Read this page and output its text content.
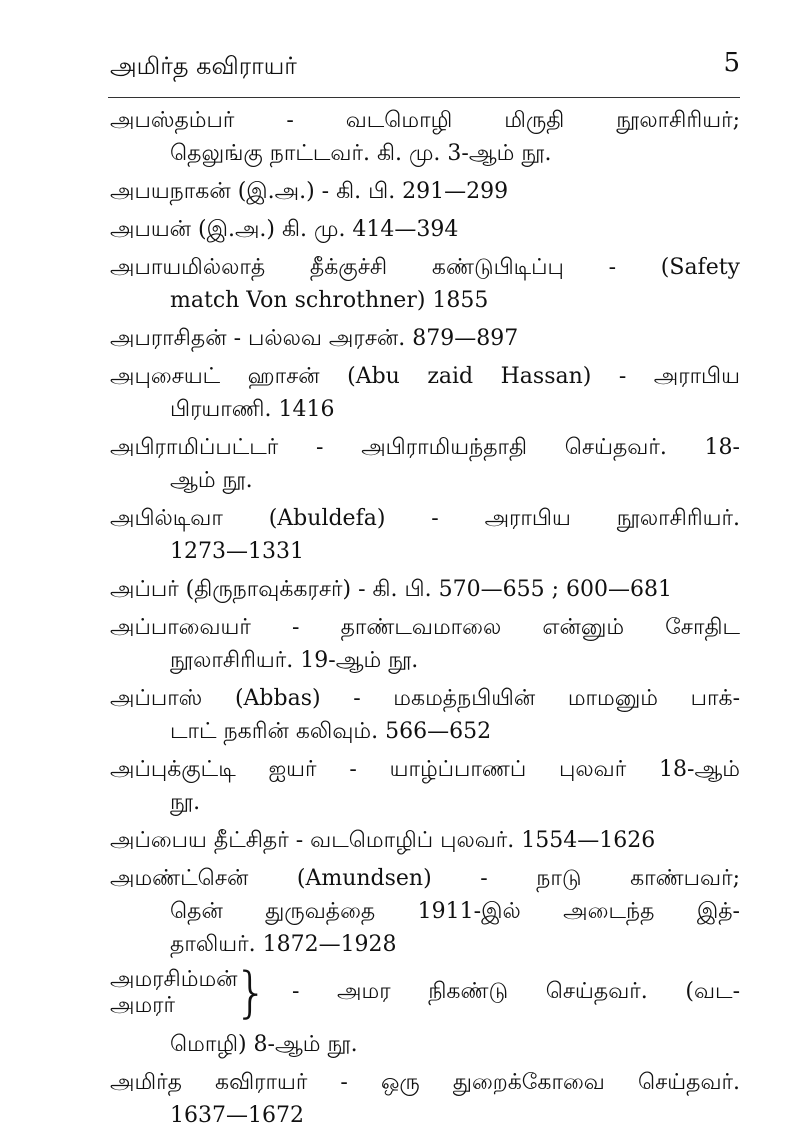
அமிர்த கவிராயர்	5
அபஸ்தம்பர் - வடமொழி மிருதி நூலாசிரியர்;
தெலுங்கு நாட்டவர். கி. மு. 3-ஆம் நூ.
அபயநாகன் (இ.அ.) - கி. பி. 291—299
அபயன் (இ.அ.) கி. மு. 414—394
அபாயமில்லாத் தீக்குச்சி கண்டுபிடிப்பு - (Safety
match Von schrothner) 1855
அபராசிதன் - பல்லவ அரசன். 879—897
அபுசையட் ஹாசன் (Abu zaid Hassan) - அராபிய
பிரயாணி. 1416
அபிராமிப்பட்டர் - அபிராமியந்தாதி செய்தவர். 18-
ஆம் நூ.
அபில்டிவா (Abuldefa) - அராபிய நூலாசிரியர்.
1273—1331
அப்பர் (திருநாவுக்கரசர்) - கி. பி. 570—655 ; 600—681
அப்பாவையர் - தாண்டவமாலை என்னும் சோதிட
நூலாசிரியர். 19-ஆம் நூ.
அப்பாஸ் (Abbas) - மகமத்நபியின் மாமனும் பாக்-
டாட் நகரின் கலிவும். 566—652
அப்புக்குட்டி ஐயர் - யாழ்ப்பாணப் புலவர் 18-ஆம்
நூ.
அப்பைய தீட்சிதர் - வடமொழிப் புலவர். 1554—1626
அமண்ட்சென் (Amundsen) - நாடு காண்பவர்;
தென் துருவத்தை 1911-இல் அடைந்த இத்-
தாலியர். 1872—1928
அமரசிம்மன்
அமரர் } - அமர நிகண்டு செய்தவர். (வட-
மொழி) 8-ஆம் நூ.
அமிர்த கவிராயர் - ஒரு துறைக்கோவை செய்தவர்.
1637—1672
